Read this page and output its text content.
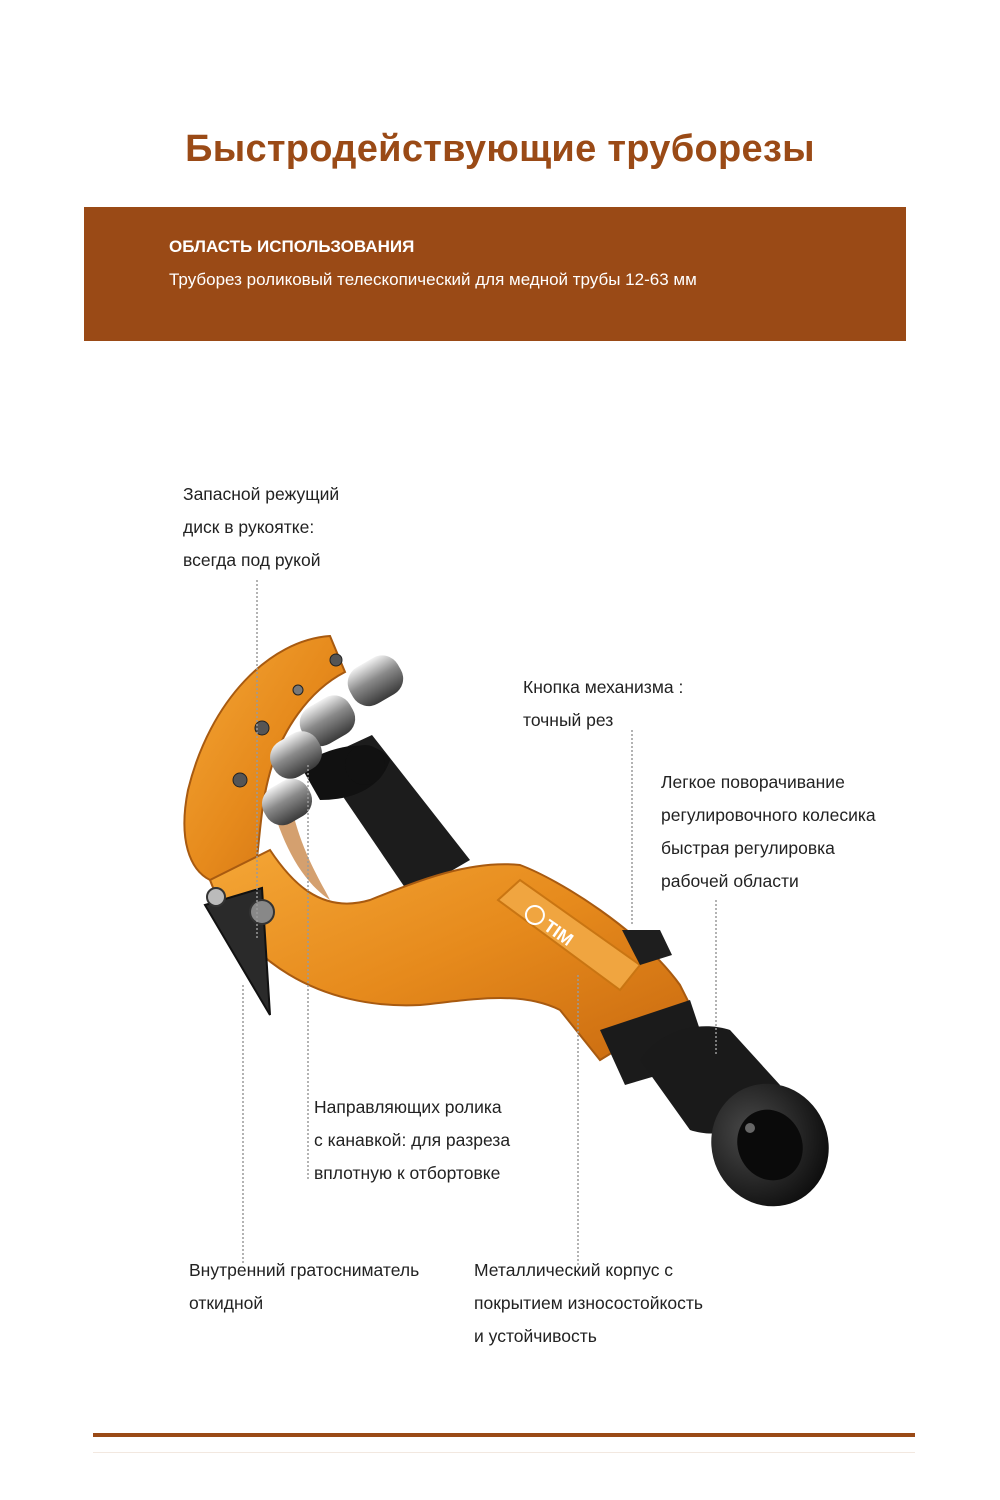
Быстродействующие труборезы
ОБЛАСТЬ ИСПОЛЬЗОВАНИЯ
Труборез роликовый телескопический для медной трубы 12-63 мм
TIM
Запасной режущий
диск в рукоятке:
всегда под рукой
Кнопка механизма :
точный рез
Легкое поворачивание
регулировочного колесика
быстрая регулировка
рабочей области
Направляющих ролика
с канавкой: для разреза
вплотную к отбортовке
Внутренний гратосниматель
откидной
Металлический корпус с
покрытием износостойкость
и устойчивость
